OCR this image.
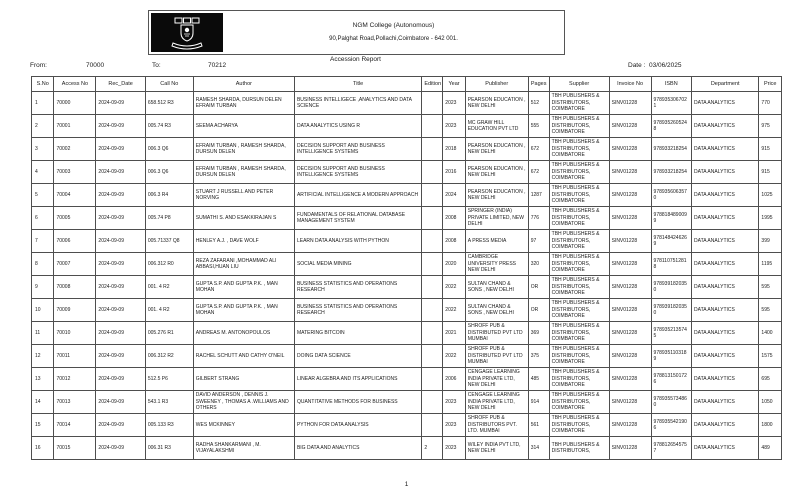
NGM College (Autonomous)
90,Palghat Road,Pollachi,Coimbatore - 642 001.
Accession Report
From:	70000	To:	70212	Date : 03/06/2025
S.No	Access No	Rec_Date	Call No	Author	Title	Edition	Year	Publisher	Pages	Supplier	Invoice No	ISBN	Department	Price
1	70000	2024-09-09	658.512 R3	RAMESH SHARDA, DURSUN DELEN EFRAIM TURBAN	BUSINESS INTELLIGECE ,ANALYTICS AND DATA SCIENCE		2023	PEARSON EDUCATION , NEW DELHI	512	TBH PUBLISHERS & DISTRIBUTORS, COIMBATORE	SINV01228	9789353067021	DATA ANALYTICS	770
2	70001	2024-09-09	005.74 R3	SEEMA ACHARYA	DATA ANALYTICS USING R		2023	MC GRAW HILL EDUCATION PVT LTD	555	TBH PUBLISHERS & DISTRIBUTORS, COIMBATORE	SINV01228	9789352605248	DATA ANALYTICS	975
3	70002	2024-09-09	006.3 Q6	EFRAIM TURBAN , RAMESH SHARDA, DURSUN DELEN	DECISION SUPPORT AND BUSINESS INTELLIGENCE SYSTEMS		2018	PEARSON EDUCATION , NEW DELHI	672	TBH PUBLISHERS & DISTRIBUTORS, COIMBATORE	SINV01228	978933218254	DATA ANALYTICS	915
4	70003	2024-09-09	006.3 Q6	EFRAIM TURBAN , RAMESH SHARDA, DURSUN DELEN	DECISION SUPPORT AND BUSINESS INTELLIGENCE SYSTEMS		2016	PEARSON EDUCATION , NEW DELHI	672	TBH PUBLISHERS & DISTRIBUTORS, COIMBATORE	SINV01228	978933218254	DATA ANALYTICS	915
5	70004	2024-09-09	006.3 R4	STUART J RUSSELL AND PETER NORVING	ARTIFICIAL INTELLIGENCE A MODERN APPROACH		2024	PEARSON EDUCATION , NEW DELHI	1287	TBH PUBLISHERS & DISTRIBUTORS, COIMBATORE	SINV01228	9789356063570	DATA ANALYTICS	1025
6	70005	2024-09-09	005.74 P8	SUMATHI S. AND ESAKKIRAJAN S	FUNDAMENTALS OF RELATIONAL DATABASE MANAGEMENT SYSTEM		2008	SPRINGER (INDIA) PRIVATE LIMITED, NEW DELHI	776	TBH PUBLISHERS & DISTRIBUTORS, COIMBATORE	SINV01228	9788184890099	DATA ANALYTICS	1995
7	70006	2024-09-09	005.71337 Q8	HENLEY A.J. , DAVE WOLF	LEARN DATA ANALYSIS WITH PYTHON		2008	A PRESS MEDIA	97	TBH PUBLISHERS & DISTRIBUTORS, COIMBATORE	SINV01228	9781484246269	DATA ANALYTICS	399
8	70007	2024-09-09	006.312 R0	REZA ZAFARANI ,MOHAMMAD ALI ABBASI,HUAN LIU	SOCIAL MEDIA MINING		2020	CAMBRIDGE UNIVERSITY PRESS NEW DELHI	320	TBH PUBLISHERS & DISTRIBUTORS, COIMBATORE	SINV01228	9781107512818	DATA ANALYTICS	1195
9	70008	2024-09-09	001. 4 R2	GUPTA S.P. AND GUPTA P.K. , MAN MOHAN	BUSINESS STATISTICS AND OPERATIONS RESEARCH		2022	SULTAN CHAND & SONS , NEW DELHI	OR	TBH PUBLISHERS & DISTRIBUTORS, COIMBATORE	SINV01228	9789391820350	DATA ANALYTICS	595
10	70009	2024-09-09	001. 4 R2	GUPTA S.P. AND GUPTA P.K. , MAN MOHAN	BUSINESS STATISTICS AND OPERATIONS RESEARCH		2022	SULTAN CHAND & SONS , NEW DELHI	OR	TBH PUBLISHERS & DISTRIBUTORS, COIMBATORE	SINV01228	9789391820350	DATA ANALYTICS	595
11	70010	2024-09-09	005.276 R1	ANDREAS M. ANTONOPOULOS	MATERING BITCOIN		2021	SHROFF PUB & DISTRIBUTED PVT LTD MUMBAI	369	TBH PUBLISHERS & DISTRIBUTORS, COIMBATORE	SINV01228	9789352135745	DATA ANALYTICS	1400
12	70011	2024-09-09	006.312 R2	RACHEL SCHUTT AND CATHY O'NEIL	DOING DATA SCIENCE		2022	SHROFF PUB & DISTRIBUTED PVT LTD MUMBAI	375	TBH PUBLISHERS & DISTRIBUTORS, COIMBATORE	SINV01228	9789351103189	DATA ANALYTICS	1575
13	70012	2024-09-09	512.5 P6	GILBERT STRANG	LINEAR ALGEBRA AND ITS APPLICATIONS		2006	CENGAGE LEARNING INDIA PRIVATE LTD, NEW DELHI	485	TBH PUBLISHERS & DISTRIBUTORS, COIMBATORE	SINV01228	9788131501726	DATA ANALYTICS	695
14	70013	2024-09-09	543.1 R3	DAVID ANDERSON , DENNIS J. SWEENEY , THOMAS A .WILLIAMS AND OTHERS	QUANTITATIVE METHODS FOR BUSINESS		2023	CENGAGE LEARNING INDIA PRIVATE LTD, NEW DELHI	914	TBH PUBLISHERS & DISTRIBUTORS, COIMBATORE	SINV01228	9789355734860	DATA ANALYTICS	1050
15	70014	2024-09-09	005.133 R3	WES MCKINNEY	PYTHON FOR DATA ANALYSIS		2023	SHROFF PUB & DISTRIBUTORS PVT. LTD. MUMBAI	561	TBH PUBLISHERS & DISTRIBUTORS, COIMBATORE	SINV01228	9789355421906	DATA ANALYTICS	1800
16	70015	2024-09-09	006.31 R3	RADHA SHANKARMANI , M. VIJAYALAKSHMI	BIG DATA AND ANALYTICS	2	2023	WILEY INDIA PVT LTD, NEW DELHI	314	TBH PUBLISHERS & DISTRIBUTORS,	SINV01228	9788126545757	DATA ANALYTICS	489
1
